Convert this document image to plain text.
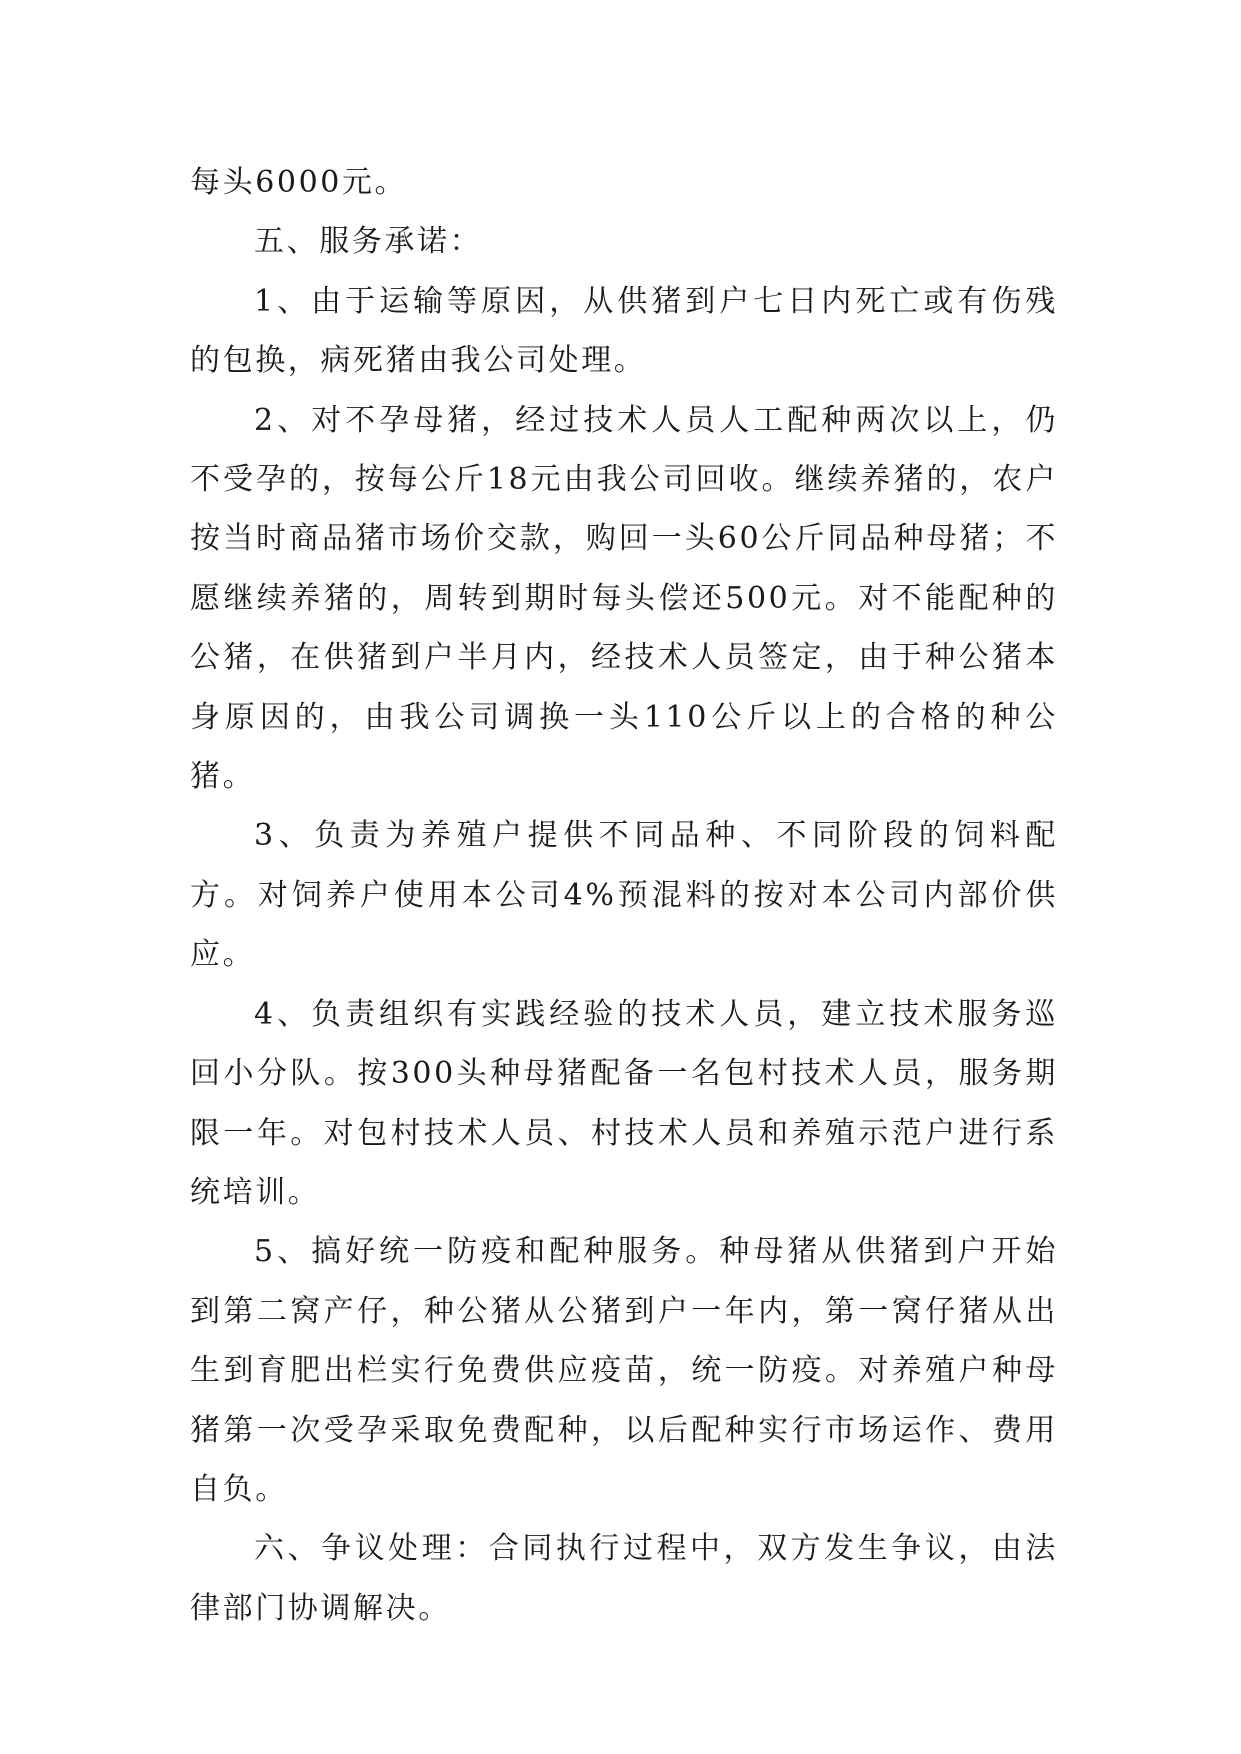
每头6000元。

五、服务承诺：

1、由于运输等原因，从供猪到户七日内死亡或有伤残的包换，病死猪由我公司处理。

2、对不孕母猪，经过技术人员人工配种两次以上，仍不受孕的，按每公斤18元由我公司回收。继续养猪的，农户按当时商品猪市场价交款，购回一头60公斤同品种母猪；不愿继续养猪的，周转到期时每头偿还500元。对不能配种的公猪，在供猪到户半月内，经技术人员签定，由于种公猪本身原因的，由我公司调换一头110公斤以上的合格的种公猪。

3、负责为养殖户提供不同品种、不同阶段的饲料配方。对饲养户使用本公司4%预混料的按对本公司内部价供应。

4、负责组织有实践经验的技术人员，建立技术服务巡回小分队。按300头种母猪配备一名包村技术人员，服务期限一年。对包村技术人员、村技术人员和养殖示范户进行系统培训。

5、搞好统一防疫和配种服务。种母猪从供猪到户开始到第二窝产仔，种公猪从公猪到户一年内，第一窝仔猪从出生到育肥出栏实行免费供应疫苗，统一防疫。对养殖户种母猪第一次受孕采取免费配种，以后配种实行市场运作、费用自负。

六、争议处理：合同执行过程中，双方发生争议，由法律部门协调解决。
